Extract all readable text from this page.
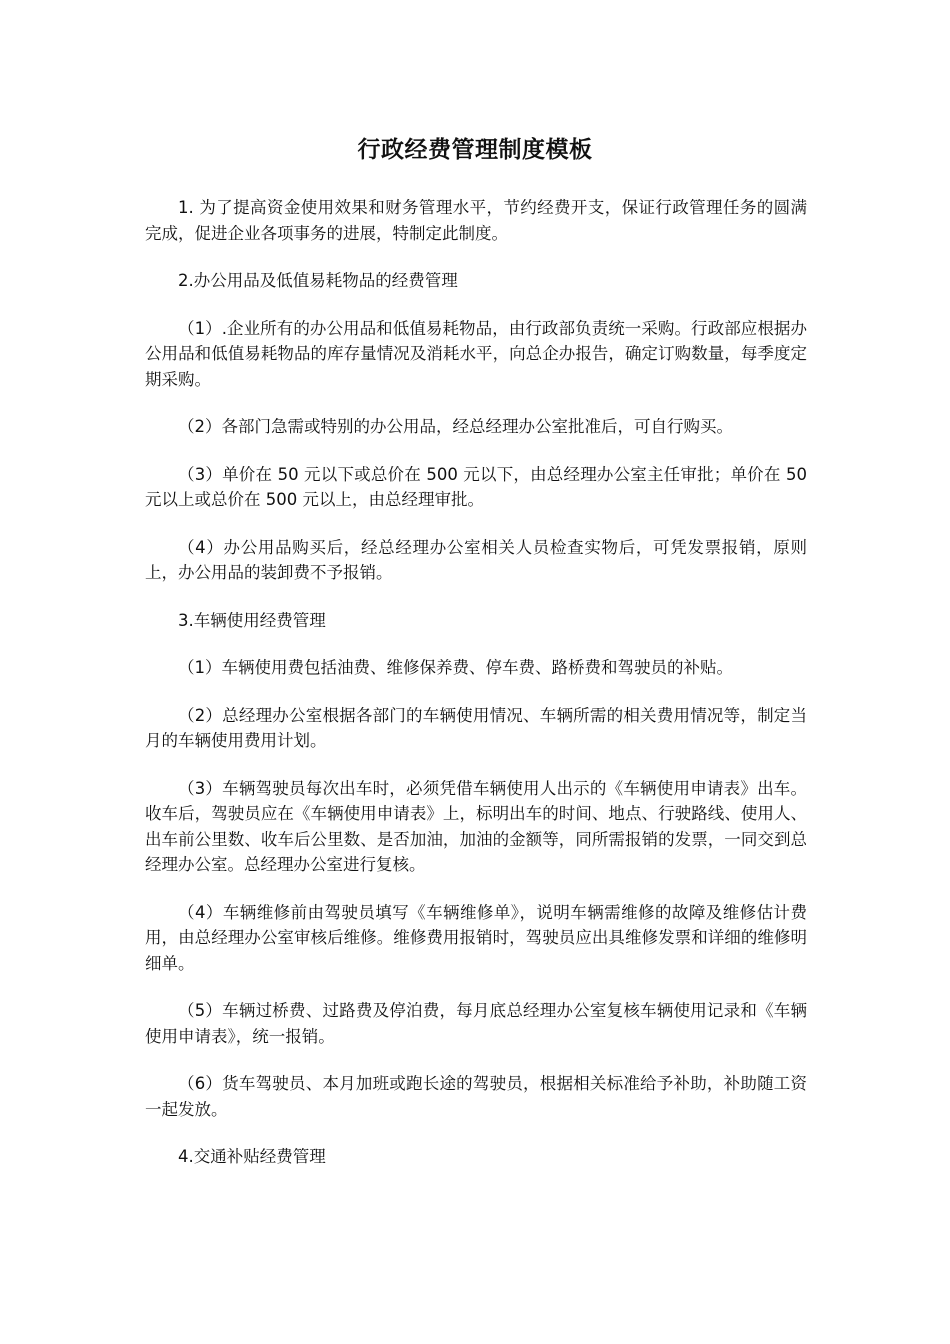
行政经费管理制度模板

1. 为了提高资金使用效果和财务管理水平，节约经费开支，保证行政管理任务的圆满完成，促进企业各项事务的进展，特制定此制度。

2.办公用品及低值易耗物品的经费管理

（1）.企业所有的办公用品和低值易耗物品，由行政部负责统一采购。行政部应根据办公用品和低值易耗物品的库存量情况及消耗水平，向总企办报告，确定订购数量，每季度定期采购。

（2）各部门急需或特别的办公用品，经总经理办公室批准后，可自行购买。

（3）单价在 50 元以下或总价在 500 元以下，由总经理办公室主任审批；单价在 50 元以上或总价在 500 元以上，由总经理审批。

（4）办公用品购买后，经总经理办公室相关人员检查实物后，可凭发票报销，原则上，办公用品的装卸费不予报销。

3.车辆使用经费管理

（1）车辆使用费包括油费、维修保养费、停车费、路桥费和驾驶员的补贴。

（2）总经理办公室根据各部门的车辆使用情况、车辆所需的相关费用情况等，制定当月的车辆使用费用计划。

（3）车辆驾驶员每次出车时，必须凭借车辆使用人出示的《车辆使用申请表》出车。收车后，驾驶员应在《车辆使用申请表》上，标明出车的时间、地点、行驶路线、使用人、出车前公里数、收车后公里数、是否加油，加油的金额等，同所需报销的发票，一同交到总经理办公室。总经理办公室进行复核。

（4）车辆维修前由驾驶员填写《车辆维修单》，说明车辆需维修的故障及维修估计费用，由总经理办公室审核后维修。维修费用报销时，驾驶员应出具维修发票和详细的维修明细单。

（5）车辆过桥费、过路费及停泊费，每月底总经理办公室复核车辆使用记录和《车辆使用申请表》，统一报销。

（6）货车驾驶员、本月加班或跑长途的驾驶员，根据相关标准给予补助，补助随工资一起发放。

4.交通补贴经费管理
